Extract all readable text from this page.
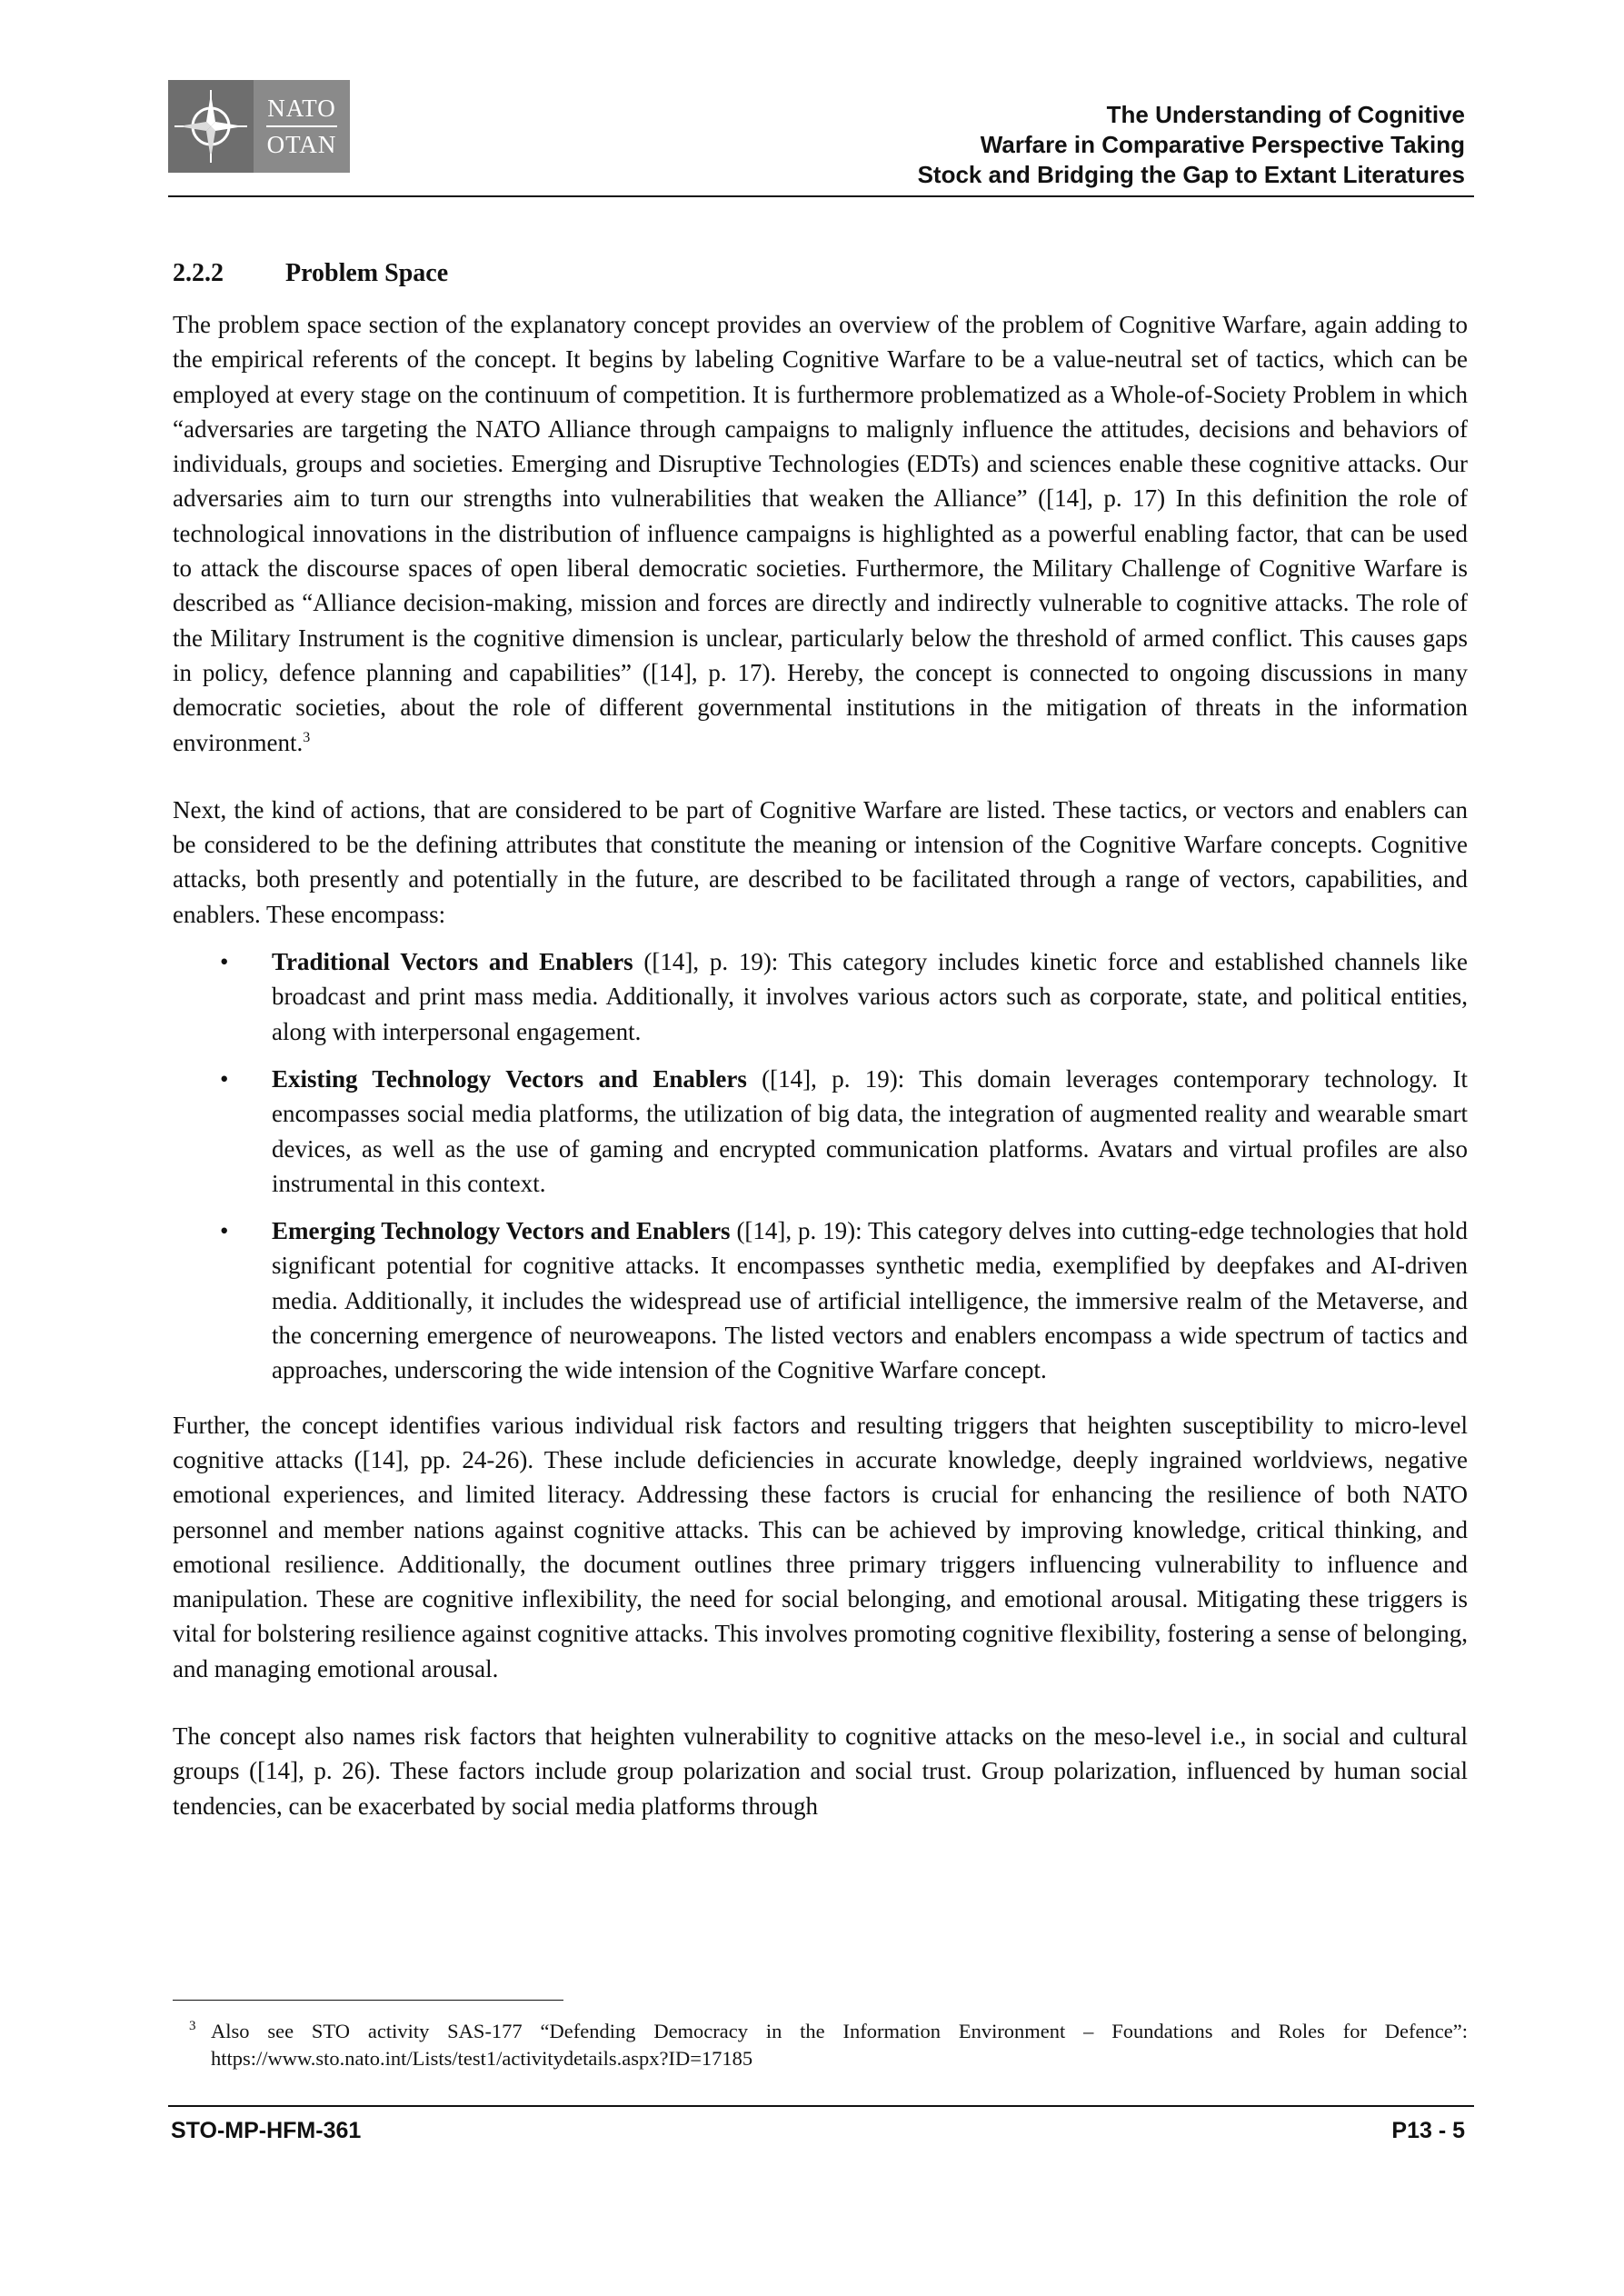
NATO
OTAN
The Understanding of Cognitive
Warfare in Comparative Perspective Taking
Stock and Bridging the Gap to Extant Literatures
2.2.2 Problem Space

The problem space section of the explanatory concept provides an overview of the problem of Cognitive Warfare, again adding to the empirical referents of the concept. It begins by labeling Cognitive Warfare to be a value-neutral set of tactics, which can be employed at every stage on the continuum of competition. It is furthermore problematized as a Whole-of-Society Problem in which “adversaries are targeting the NATO Alliance through campaigns to malignly influence the attitudes, decisions and behaviors of individuals, groups and societies. Emerging and Disruptive Technologies (EDTs) and sciences enable these cognitive attacks. Our adversaries aim to turn our strengths into vulnerabilities that weaken the Alliance” ([14], p. 17) In this definition the role of technological innovations in the distribution of influence campaigns is highlighted as a powerful enabling factor, that can be used to attack the discourse spaces of open liberal democratic societies. Furthermore, the Military Challenge of Cognitive Warfare is described as “Alliance decision-making, mission and forces are directly and indirectly vulnerable to cognitive attacks. The role of the Military Instrument is the cognitive dimension is unclear, particularly below the threshold of armed conflict. This causes gaps in policy, defence planning and capabilities” ([14], p. 17). Hereby, the concept is connected to ongoing discussions in many democratic societies, about the role of different governmental institutions in the mitigation of threats in the information environment.$^3$

Next, the kind of actions, that are considered to be part of Cognitive Warfare are listed. These tactics, or vectors and enablers can be considered to be the defining attributes that constitute the meaning or intension of the Cognitive Warfare concepts. Cognitive attacks, both presently and potentially in the future, are described to be facilitated through a range of vectors, capabilities, and enablers. These encompass:

• Traditional Vectors and Enablers ([14], p. 19): This category includes kinetic force and established channels like broadcast and print mass media. Additionally, it involves various actors such as corporate, state, and political entities, along with interpersonal engagement.
• Existing Technology Vectors and Enablers ([14], p. 19): This domain leverages contemporary technology. It encompasses social media platforms, the utilization of big data, the integration of augmented reality and wearable smart devices, as well as the use of gaming and encrypted communication platforms. Avatars and virtual profiles are also instrumental in this context.
• Emerging Technology Vectors and Enablers ([14], p. 19): This category delves into cutting-edge technologies that hold significant potential for cognitive attacks. It encompasses synthetic media, exemplified by deepfakes and AI-driven media. Additionally, it includes the widespread use of artificial intelligence, the immersive realm of the Metaverse, and the concerning emergence of neuroweapons. The listed vectors and enablers encompass a wide spectrum of tactics and approaches, underscoring the wide intension of the Cognitive Warfare concept.

Further, the concept identifies various individual risk factors and resulting triggers that heighten susceptibility to micro-level cognitive attacks ([14], pp. 24-26). These include deficiencies in accurate knowledge, deeply ingrained worldviews, negative emotional experiences, and limited literacy. Addressing these factors is crucial for enhancing the resilience of both NATO personnel and member nations against cognitive attacks. This can be achieved by improving knowledge, critical thinking, and emotional resilience. Additionally, the document outlines three primary triggers influencing vulnerability to influence and manipulation. These are cognitive inflexibility, the need for social belonging, and emotional arousal. Mitigating these triggers is vital for bolstering resilience against cognitive attacks. This involves promoting cognitive flexibility, fostering a sense of belonging, and managing emotional arousal.

The concept also names risk factors that heighten vulnerability to cognitive attacks on the meso-level i.e., in social and cultural groups ([14], p. 26). These factors include group polarization and social trust. Group polarization, influenced by human social tendencies, can be exacerbated by social media platforms through

3 Also see STO activity SAS-177 “Defending Democracy in the Information Environment – Foundations and Roles for Defence”: https://www.sto.nato.int/Lists/test1/activitydetails.aspx?ID=17185
STO-MP-HFM-361	P13 - 5
